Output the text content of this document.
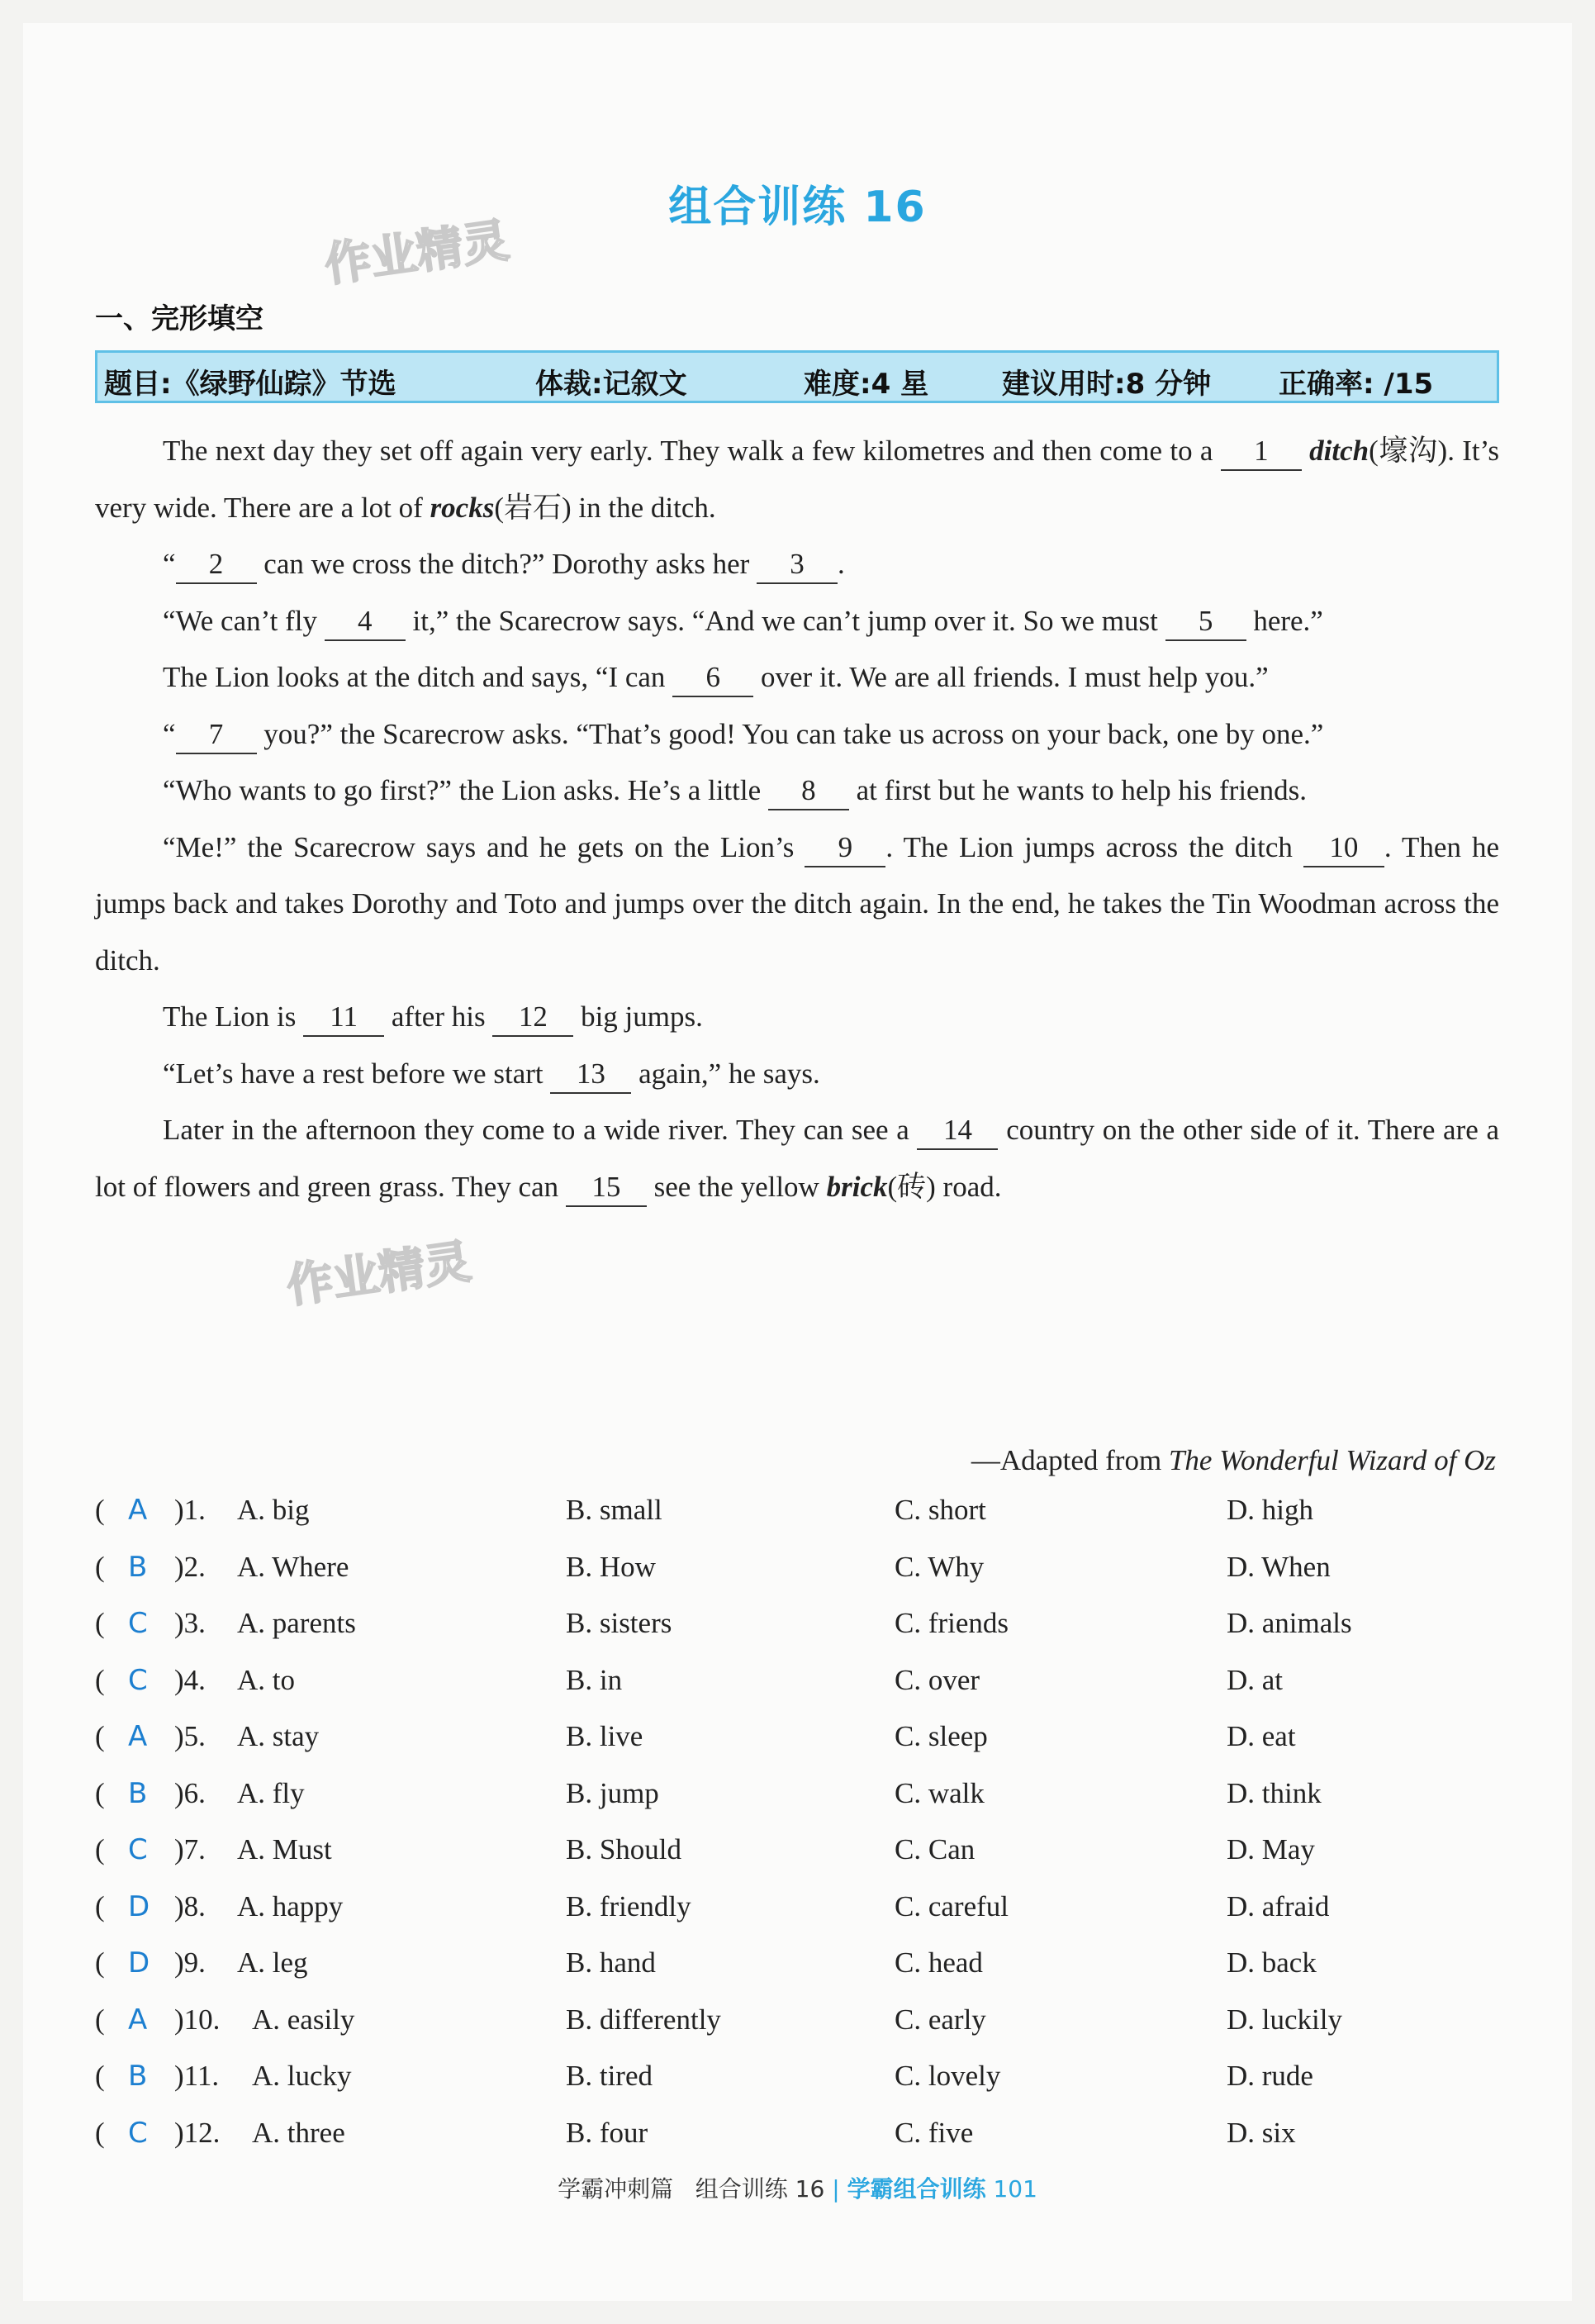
组合训练 16
作业精灵
作业精灵
一、完形填空
题目:《绿野仙踪》节选	体裁:记叙文	难度:4 星	建议用时:8 分钟 正确率: /15

The next day they set off again very early. They walk a few kilometres and then come to a 1 ditch(壕沟). It’s very wide. There are a lot of rocks(岩石) in the ditch.

“ 2 can we cross the ditch?” Dorothy asks her 3 .

“We can’t fly 4 it,” the Scarecrow says. “And we can’t jump over it. So we must 5 here.”

The Lion looks at the ditch and says, “I can 6 over it. We are all friends. I must help you.”

“ 7 you?” the Scarecrow asks. “That’s good! You can take us across on your back, one by one.”

“Who wants to go first?” the Lion asks. He’s a little 8 at first but he wants to help his friends.

“Me!” the Scarecrow says and he gets on the Lion’s 9 . The Lion jumps across the ditch 10 . Then he jumps back and takes Dorothy and Toto and jumps over the ditch again. In the end, he takes the Tin Woodman across the ditch.

The Lion is 11 after his 12 big jumps.

“Let’s have a rest before we start 13 again,” he says.

Later in the afternoon they come to a wide river. They can see a 14 country on the other side of it. There are a lot of flowers and green grass. They can 15 see the yellow brick(砖) road.

—Adapted from The Wonderful Wizard of Oz
( A )1. A. big	B. small	C. short	D. high
( B )2. A. Where	B. How	C. Why	D. When
( C )3. A. parents	B. sisters	C. friends	D. animals
( C )4. A. to	B. in	C. over	D. at
( A )5. A. stay	B. live	C. sleep	D. eat
( B )6. A. fly	B. jump	C. walk	D. think
( C )7. A. Must	B. Should	C. Can	D. May
( D )8. A. happy	B. friendly	C. careful	D. afraid
( D )9. A. leg	B. hand	C. head	D. back
( A )10. A. easily	B. differently	C. early	D. luckily
( B )11. A. lucky	B. tired	C. lovely	D. rude
( C )12. A. three	B. four	C. five	D. six
学霸冲刺篇 组合训练 16 | 学霸组合训练 101
